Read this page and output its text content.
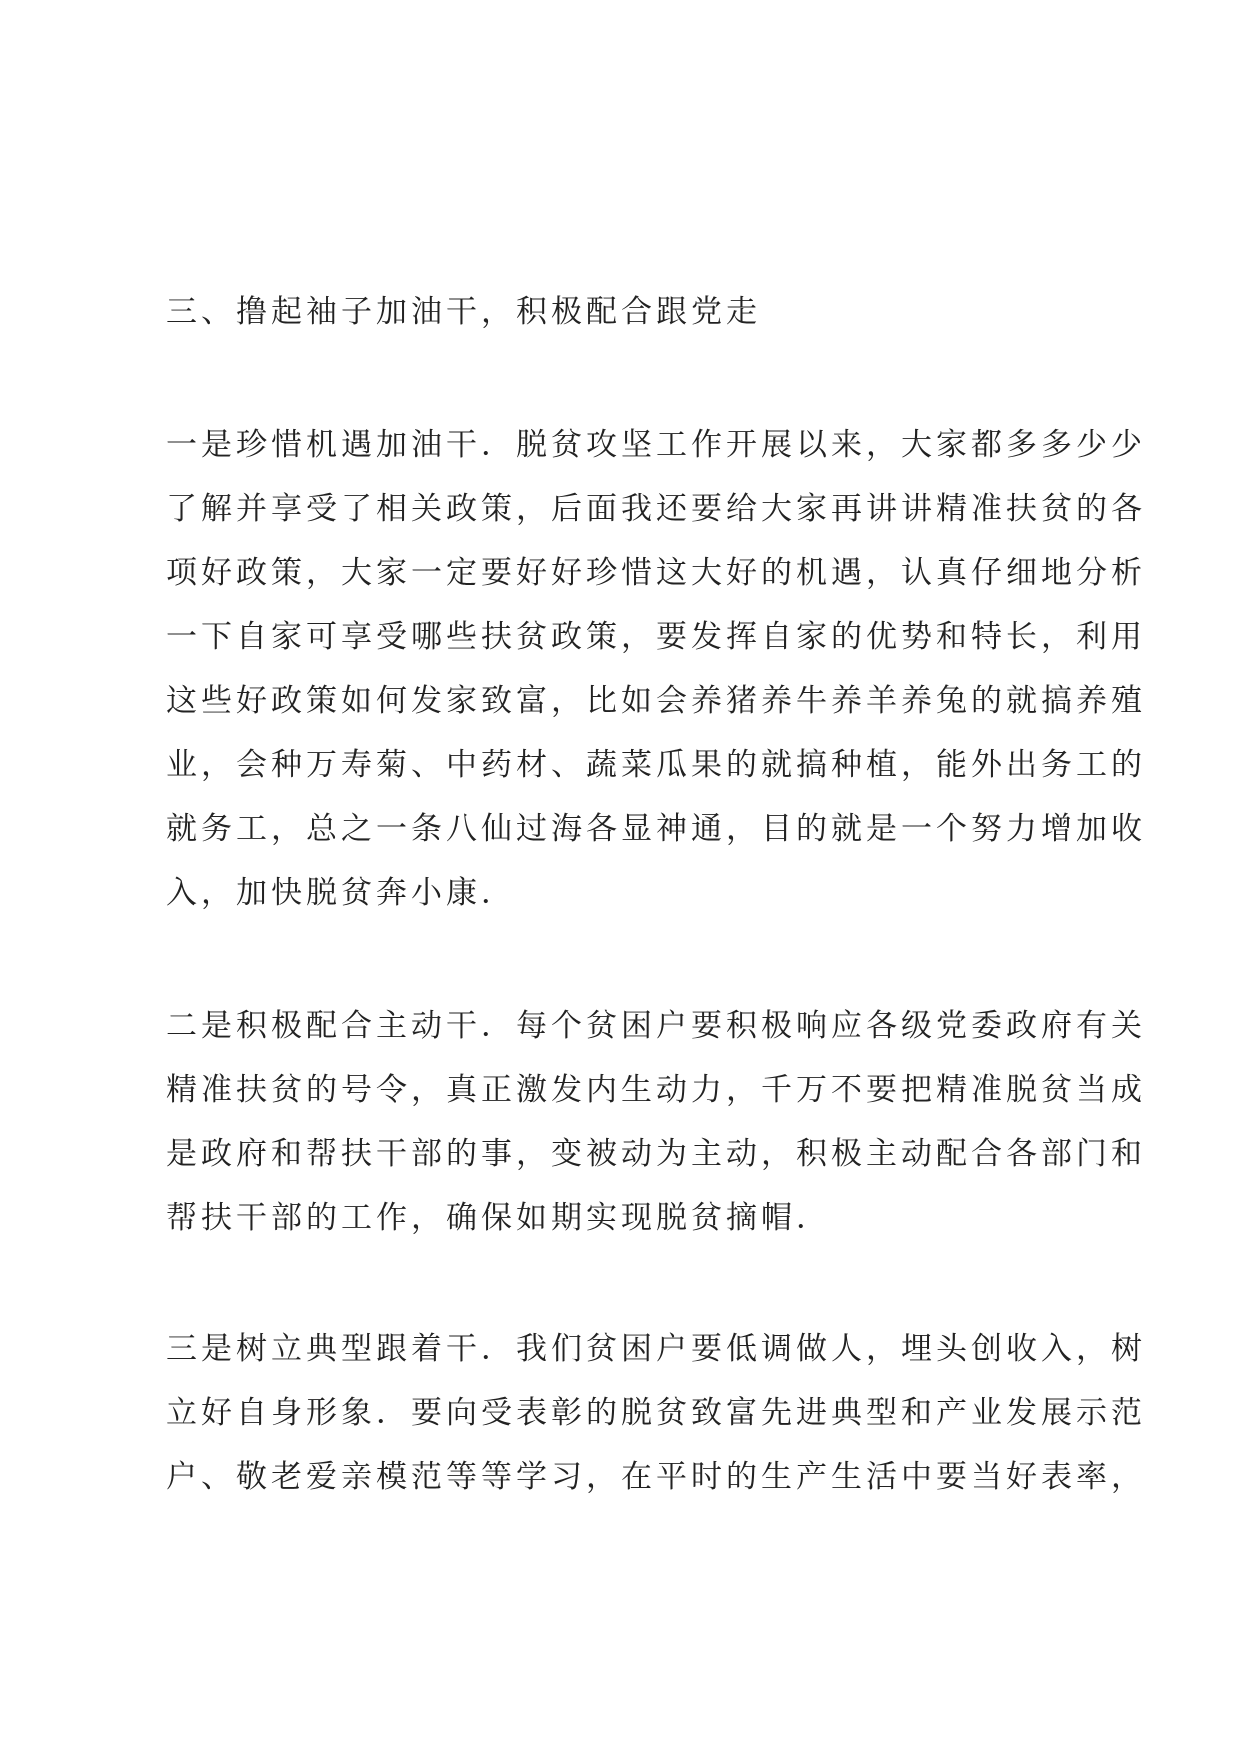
三、撸起袖子加油干，积极配合跟党走
一是珍惜机遇加油干．脱贫攻坚工作开展以来，大家都多多少少
了解并享受了相关政策，后面我还要给大家再讲讲精准扶贫的各
项好政策，大家一定要好好珍惜这大好的机遇，认真仔细地分析
一下自家可享受哪些扶贫政策，要发挥自家的优势和特长，利用
这些好政策如何发家致富，比如会养猪养牛养羊养兔的就搞养殖
业，会种万寿菊、中药材、蔬菜瓜果的就搞种植，能外出务工的
就务工，总之一条八仙过海各显神通，目的就是一个努力增加收
入，加快脱贫奔小康．
二是积极配合主动干．每个贫困户要积极响应各级党委政府有关
精准扶贫的号令，真正激发内生动力，千万不要把精准脱贫当成
是政府和帮扶干部的事，变被动为主动，积极主动配合各部门和
帮扶干部的工作，确保如期实现脱贫摘帽．
三是树立典型跟着干．我们贫困户要低调做人，埋头创收入，树
立好自身形象．要向受表彰的脱贫致富先进典型和产业发展示范
户、敬老爱亲模范等等学习，在平时的生产生活中要当好表率，
